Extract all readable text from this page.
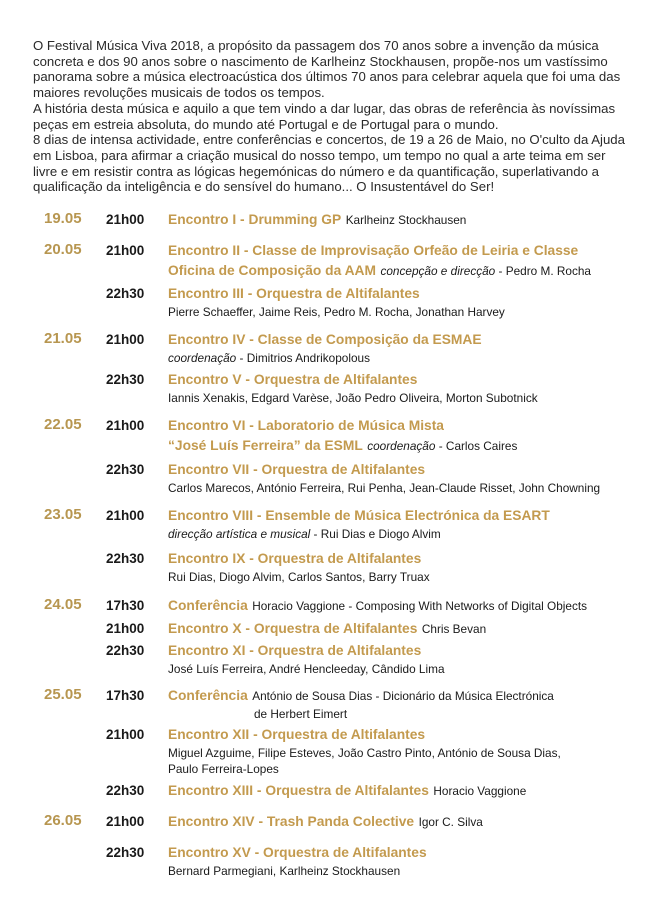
O Festival Música Viva 2018, a propósito da passagem dos 70 anos sobre a invenção da música concreta e dos 90 anos sobre o nascimento de Karlheinz Stockhausen, propõe-nos um vastíssimo panorama sobre a música electroacústica dos últimos 70 anos para celebrar aquela que foi uma das maiores revoluções musicais de todos os tempos.

A história desta música e aquilo a que tem vindo a dar lugar, das obras de referência às novíssimas peças em estreia absoluta, do mundo até Portugal e de Portugal para o mundo.

8 dias de intensa actividade, entre conferências e concertos, de 19 a 26 de Maio, no O'culto da Ajuda em Lisboa, para afirmar a criação musical do nosso tempo, um tempo no qual a arte teima em ser livre e em resistir contra as lógicas hegemónicas do número e da quantificação, superlativando a qualificação da inteligência e do sensível do humano... O Insustentável do Ser!

19.05 21h00 Encontro I - Drumming GP Karlheinz Stockhausen
20.05 21h00 Encontro II - Classe de Improvisação Orfeão de Leiria e Classe
Oficina de Composição da AAM concepção e direcção - Pedro M. Rocha
22h30 Encontro III - Orquestra de Altifalantes
Pierre Schaeffer, Jaime Reis, Pedro M. Rocha, Jonathan Harvey
21.05 21h00 Encontro IV - Classe de Composição da ESMAE
coordenação - Dimitrios Andrikopolous
22h30 Encontro V - Orquestra de Altifalantes
Iannis Xenakis, Edgard Varèse, João Pedro Oliveira, Morton Subotnick
22.05 21h00 Encontro VI - Laboratorio de Música Mista
“José Luís Ferreira” da ESML coordenação - Carlos Caires
22h30 Encontro VII - Orquestra de Altifalantes
Carlos Marecos, António Ferreira, Rui Penha, Jean-Claude Risset, John Chowning
23.05 21h00 Encontro VIII - Ensemble de Música Electrónica da ESART
direcção artística e musical - Rui Dias e Diogo Alvim
22h30 Encontro IX - Orquestra de Altifalantes
Rui Dias, Diogo Alvim, Carlos Santos, Barry Truax
24.05 17h30 Conferência Horacio Vaggione - Composing With Networks of Digital Objects
21h00 Encontro X - Orquestra de Altifalantes Chris Bevan
22h30 Encontro XI - Orquestra de Altifalantes
José Luís Ferreira, André Hencleeday, Cândido Lima
25.05 17h30 Conferência António de Sousa Dias - Dicionário da Música Electrónica
de Herbert Eimert
21h00 Encontro XII - Orquestra de Altifalantes
Miguel Azguime, Filipe Esteves, João Castro Pinto, António de Sousa Dias,
Paulo Ferreira-Lopes
22h30 Encontro XIII - Orquestra de Altifalantes Horacio Vaggione
26.05 21h00 Encontro XIV - Trash Panda Colective Igor C. Silva
22h30 Encontro XV - Orquestra de Altifalantes
Bernard Parmegiani, Karlheinz Stockhausen
